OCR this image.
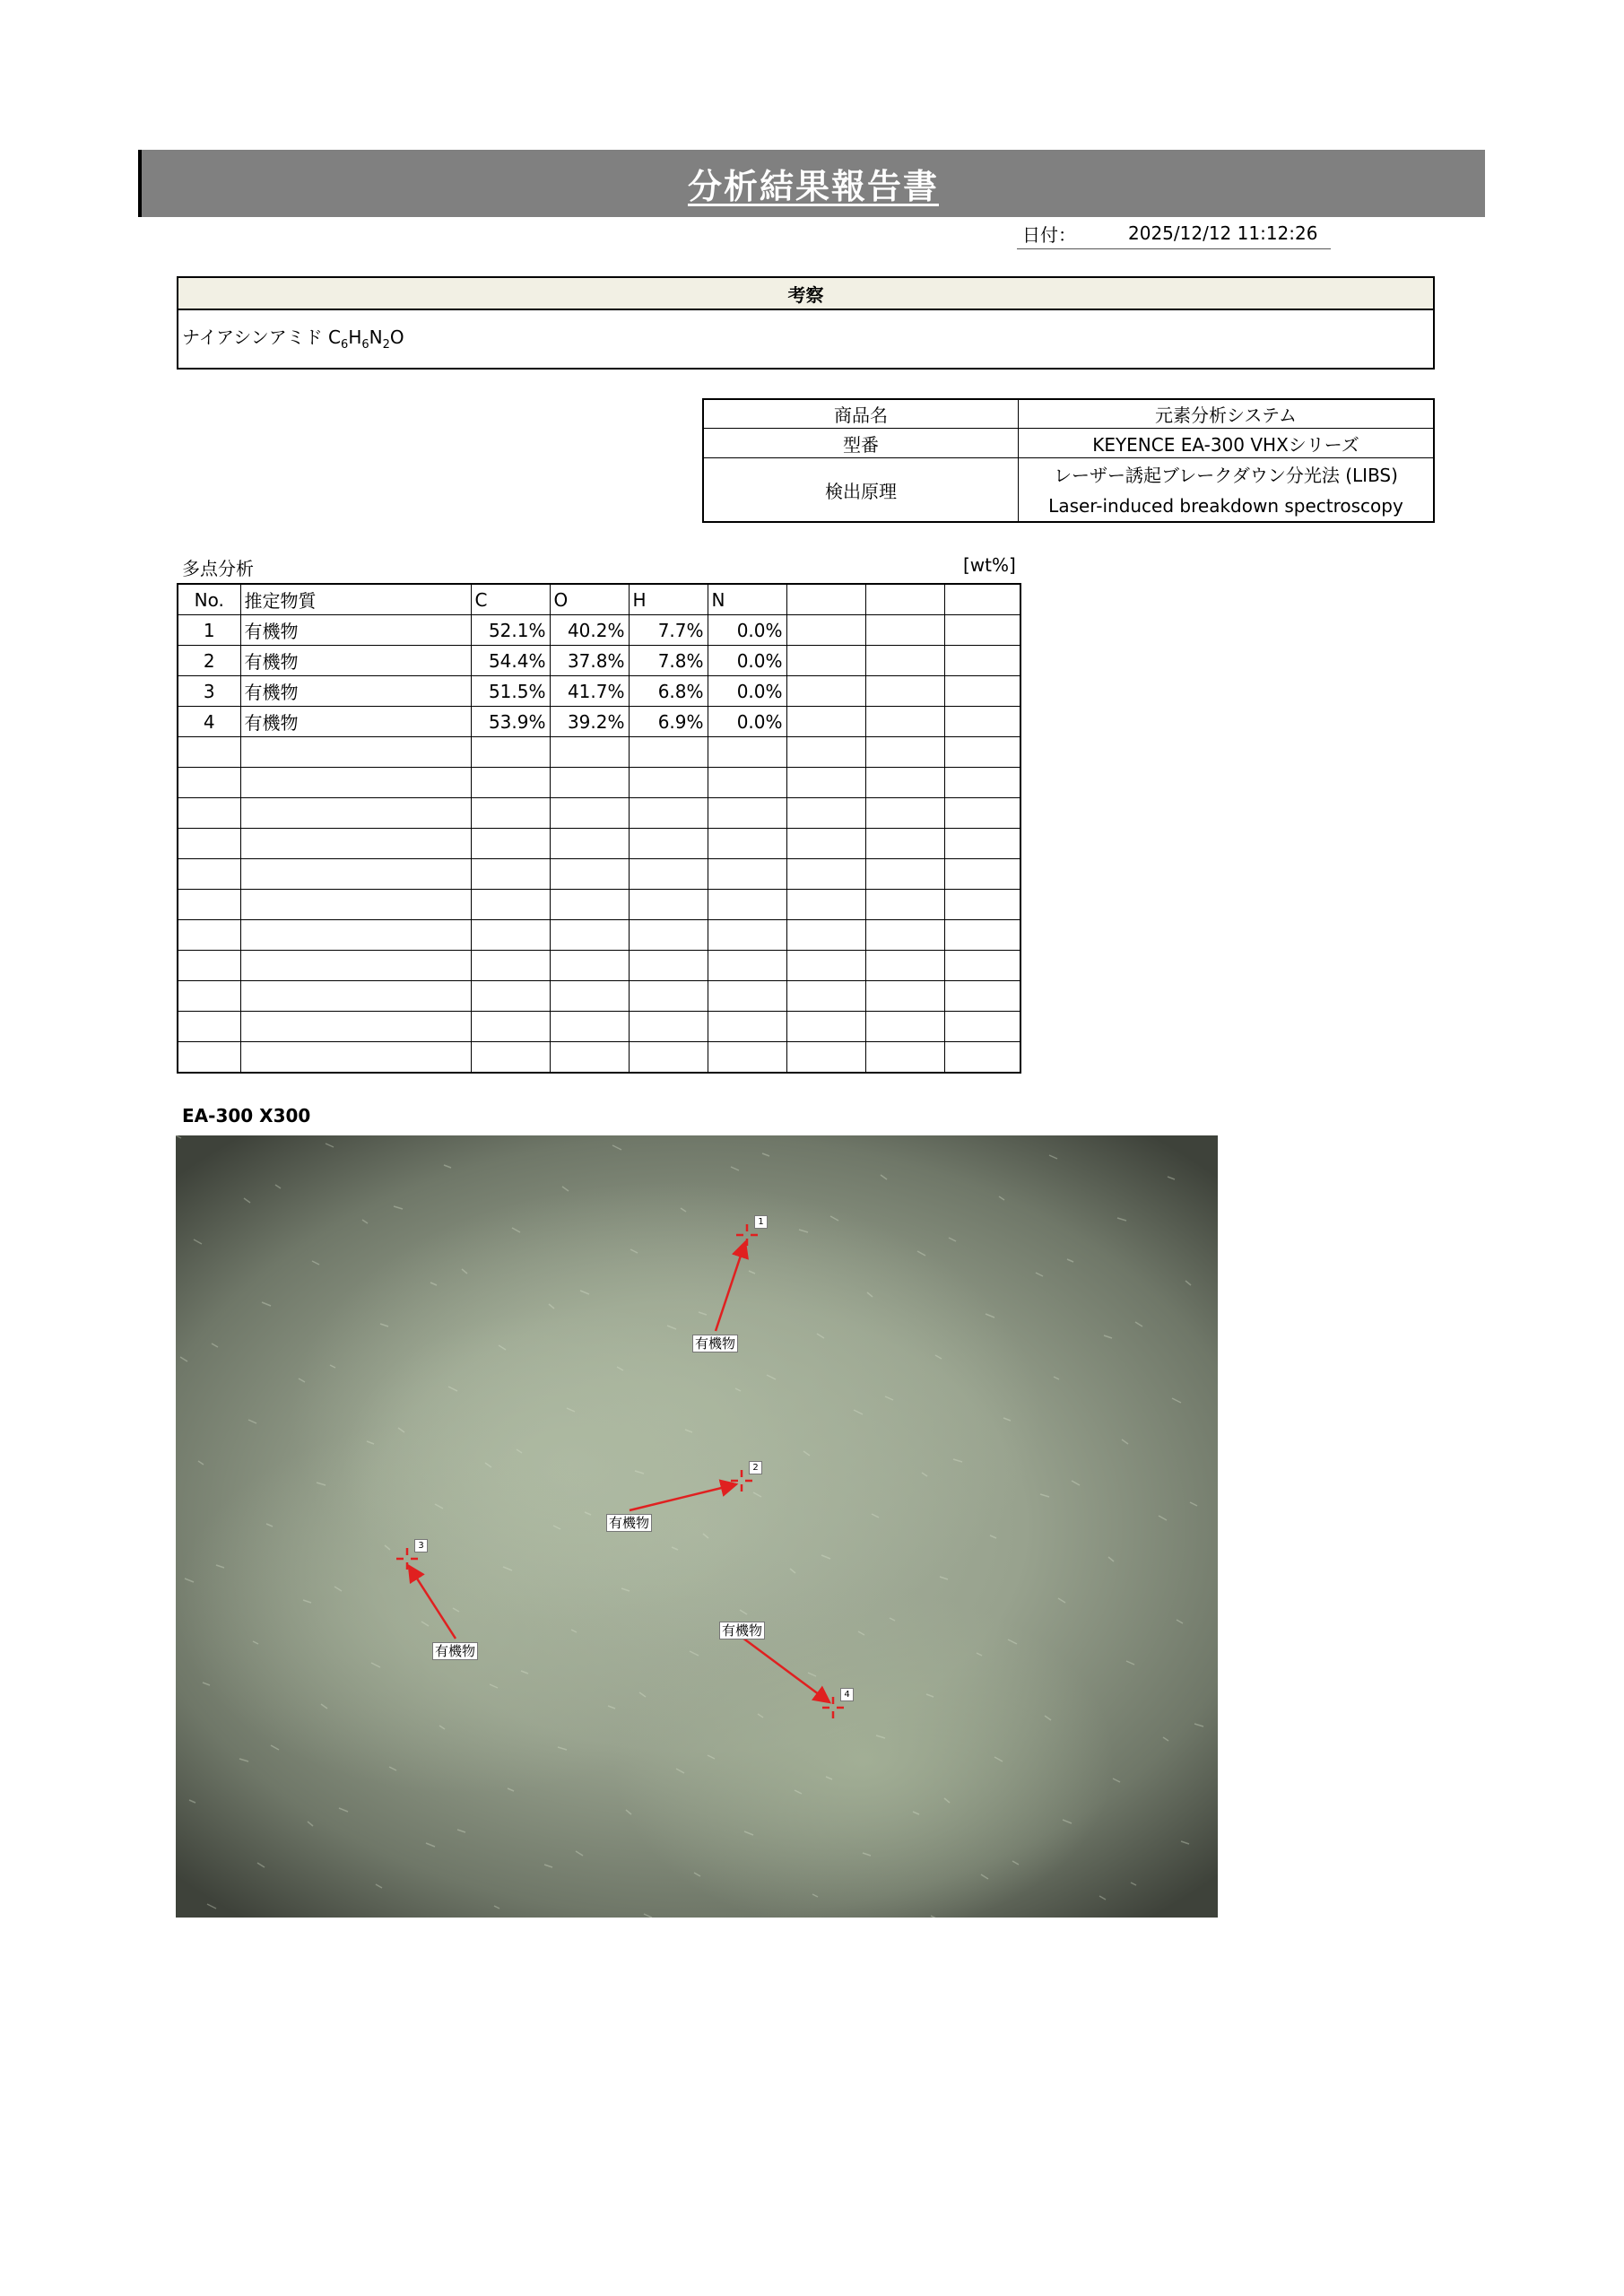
分析結果報告書
日付：	2025/12/12 11:12:26
考察
ナイアシンアミド $C_6H_6N_2O$
商品名	元素分析システム
型番	KEYENCE EA-300 VHXシリーズ
検出原理	レーザー誘起ブレークダウン分光法 (LIBS)
	Laser-induced breakdown spectroscopy
多点分析	[wt%]
No.	推定物質	C	O	H	N			
1	有機物	52.1%	40.2%	7.7%	0.0%			
2	有機物	54.4%	37.8%	7.8%	0.0%			
3	有機物	51.5%	41.7%	6.8%	0.0%			
4	有機物	53.9%	39.2%	6.9%	0.0%			

EA-300 X300
1
有機物
2
有機物
3
有機物
4
有機物
